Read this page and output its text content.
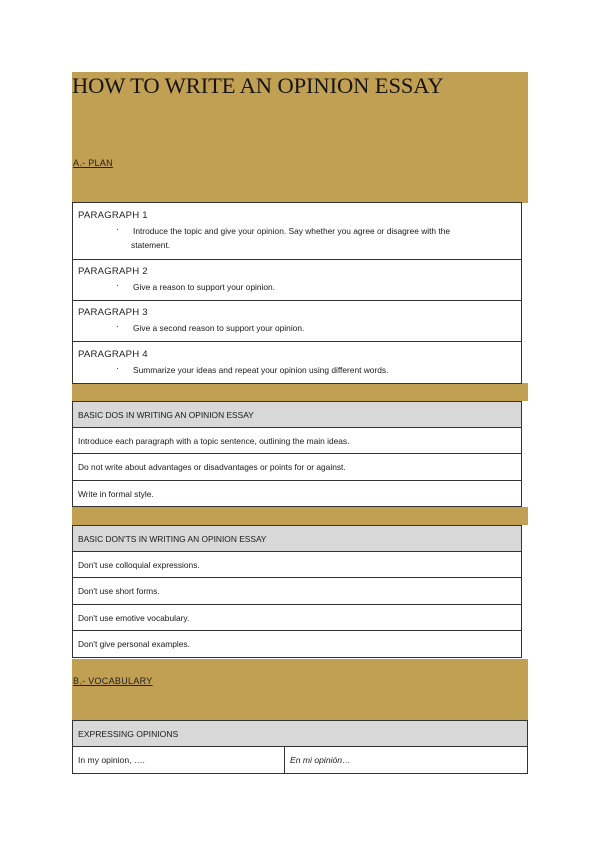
HOW TO WRITE AN OPINION ESSAY
A.- PLAN
PARAGRAPH 1
· Introduce the topic and give your opinion. Say whether you agree or disagree with the
statement.

PARAGRAPH 2
· Give a reason to support your opinion.

PARAGRAPH 3
· Give a second reason to support your opinion.

PARAGRAPH 4
· Summarize your ideas and repeat your opinion using different words.
BASIC DOS IN WRITING AN OPINION ESSAY
Introduce each paragraph with a topic sentence, outlining the main ideas.
Do not write about advantages or disadvantages or points for or against.
Write in formal style.
BASIC DON'TS IN WRITING AN OPINION ESSAY
Don't use colloquial expressions.
Don't use short forms.
Don't use emotive vocabulary.
Don't give personal examples.
B.- VOCABULARY
EXPRESSING OPINIONS
In my opinion, ….	En mi opinión…
